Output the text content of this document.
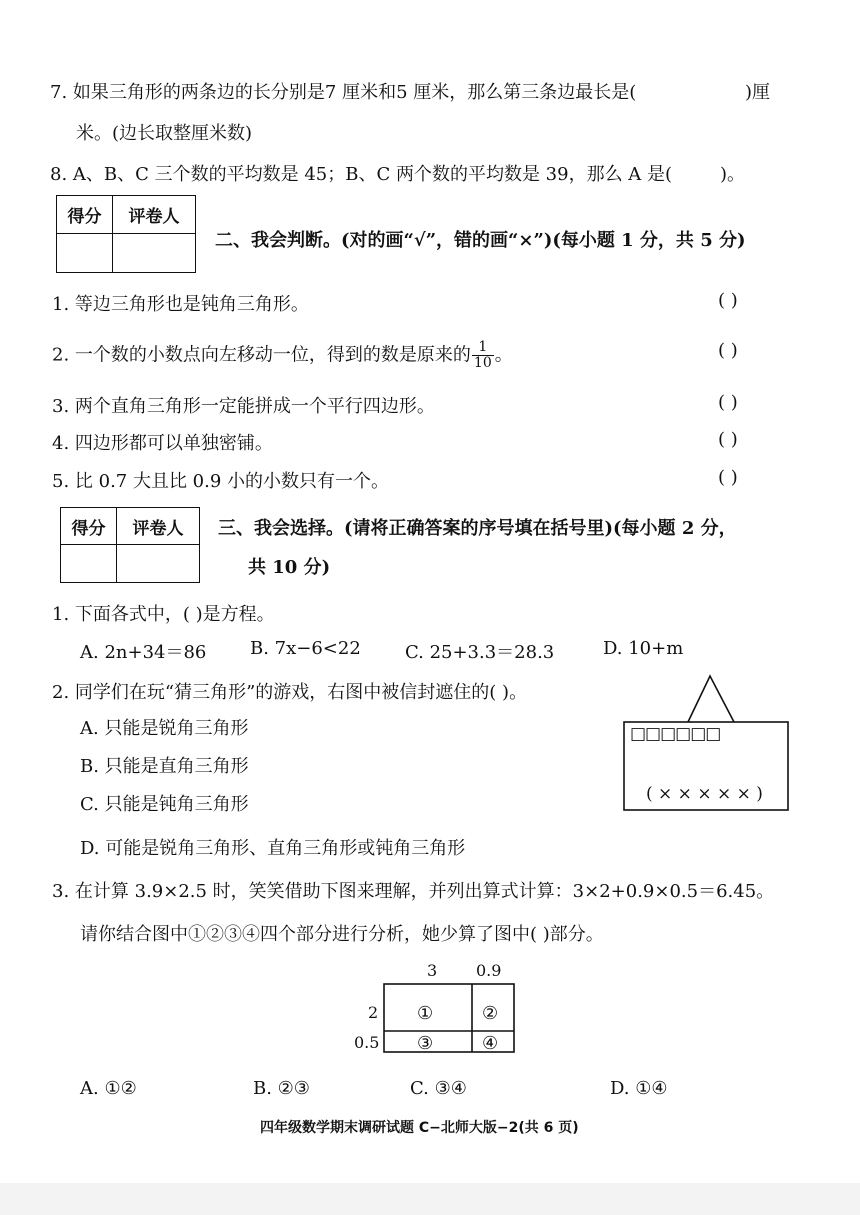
7. 如果三角形的两条边的长分别是7 厘米和5 厘米，那么第三条边最长是(	)厘
米。(边长取整厘米数)
8. A、B、C 三个数的平均数是 45；B、C 两个数的平均数是 39，那么 A 是(	)。
得分	评卷人

二、我会判断。(对的画“√”，错的画“×”)(每小题 1 分，共 5 分)
1. 等边三角形也是钝角三角形。	( )
2. 一个数的小数点向左移动一位，得到的数是原来的 $\frac{1}{10}$ 。	( )
3. 两个直角三角形一定能拼成一个平行四边形。	( )
4. 四边形都可以单独密铺。	( )
5. 比 0.7 大且比 0.9 小的小数只有一个。	( )
得分	评卷人
	三、我会选择。(请将正确答案的序号填在括号里)(每小题 2 分，
共 10 分)
1. 下面各式中，( )是方程。
A. 2n+34＝86 B. 7x−6<22 C. 25+3.3＝28.3	D. 10+m
2. 同学们在玩“猜三角形”的游戏，右图中被信封遮住的( )。
A. 只能是锐角三角形
B. 只能是直角三角形
C. 只能是钝角三角形
D. 可能是锐角三角形、直角三角形或钝角三角形
□□□□□□
( × × × × × )
3. 在计算 3.9×2.5 时，笑笑借助下图来理解，并列出算式计算：3×2+0.9×0.5＝6.45。
请你结合图中①②③④四个部分进行分析，她少算了图中( )部分。
3 0.9
2
0.5
①	②
③	④
A. ①②	B. ②③	C. ③④	D. ①④
四年级数学期末调研试题 C−北师大版−2(共 6 页)
